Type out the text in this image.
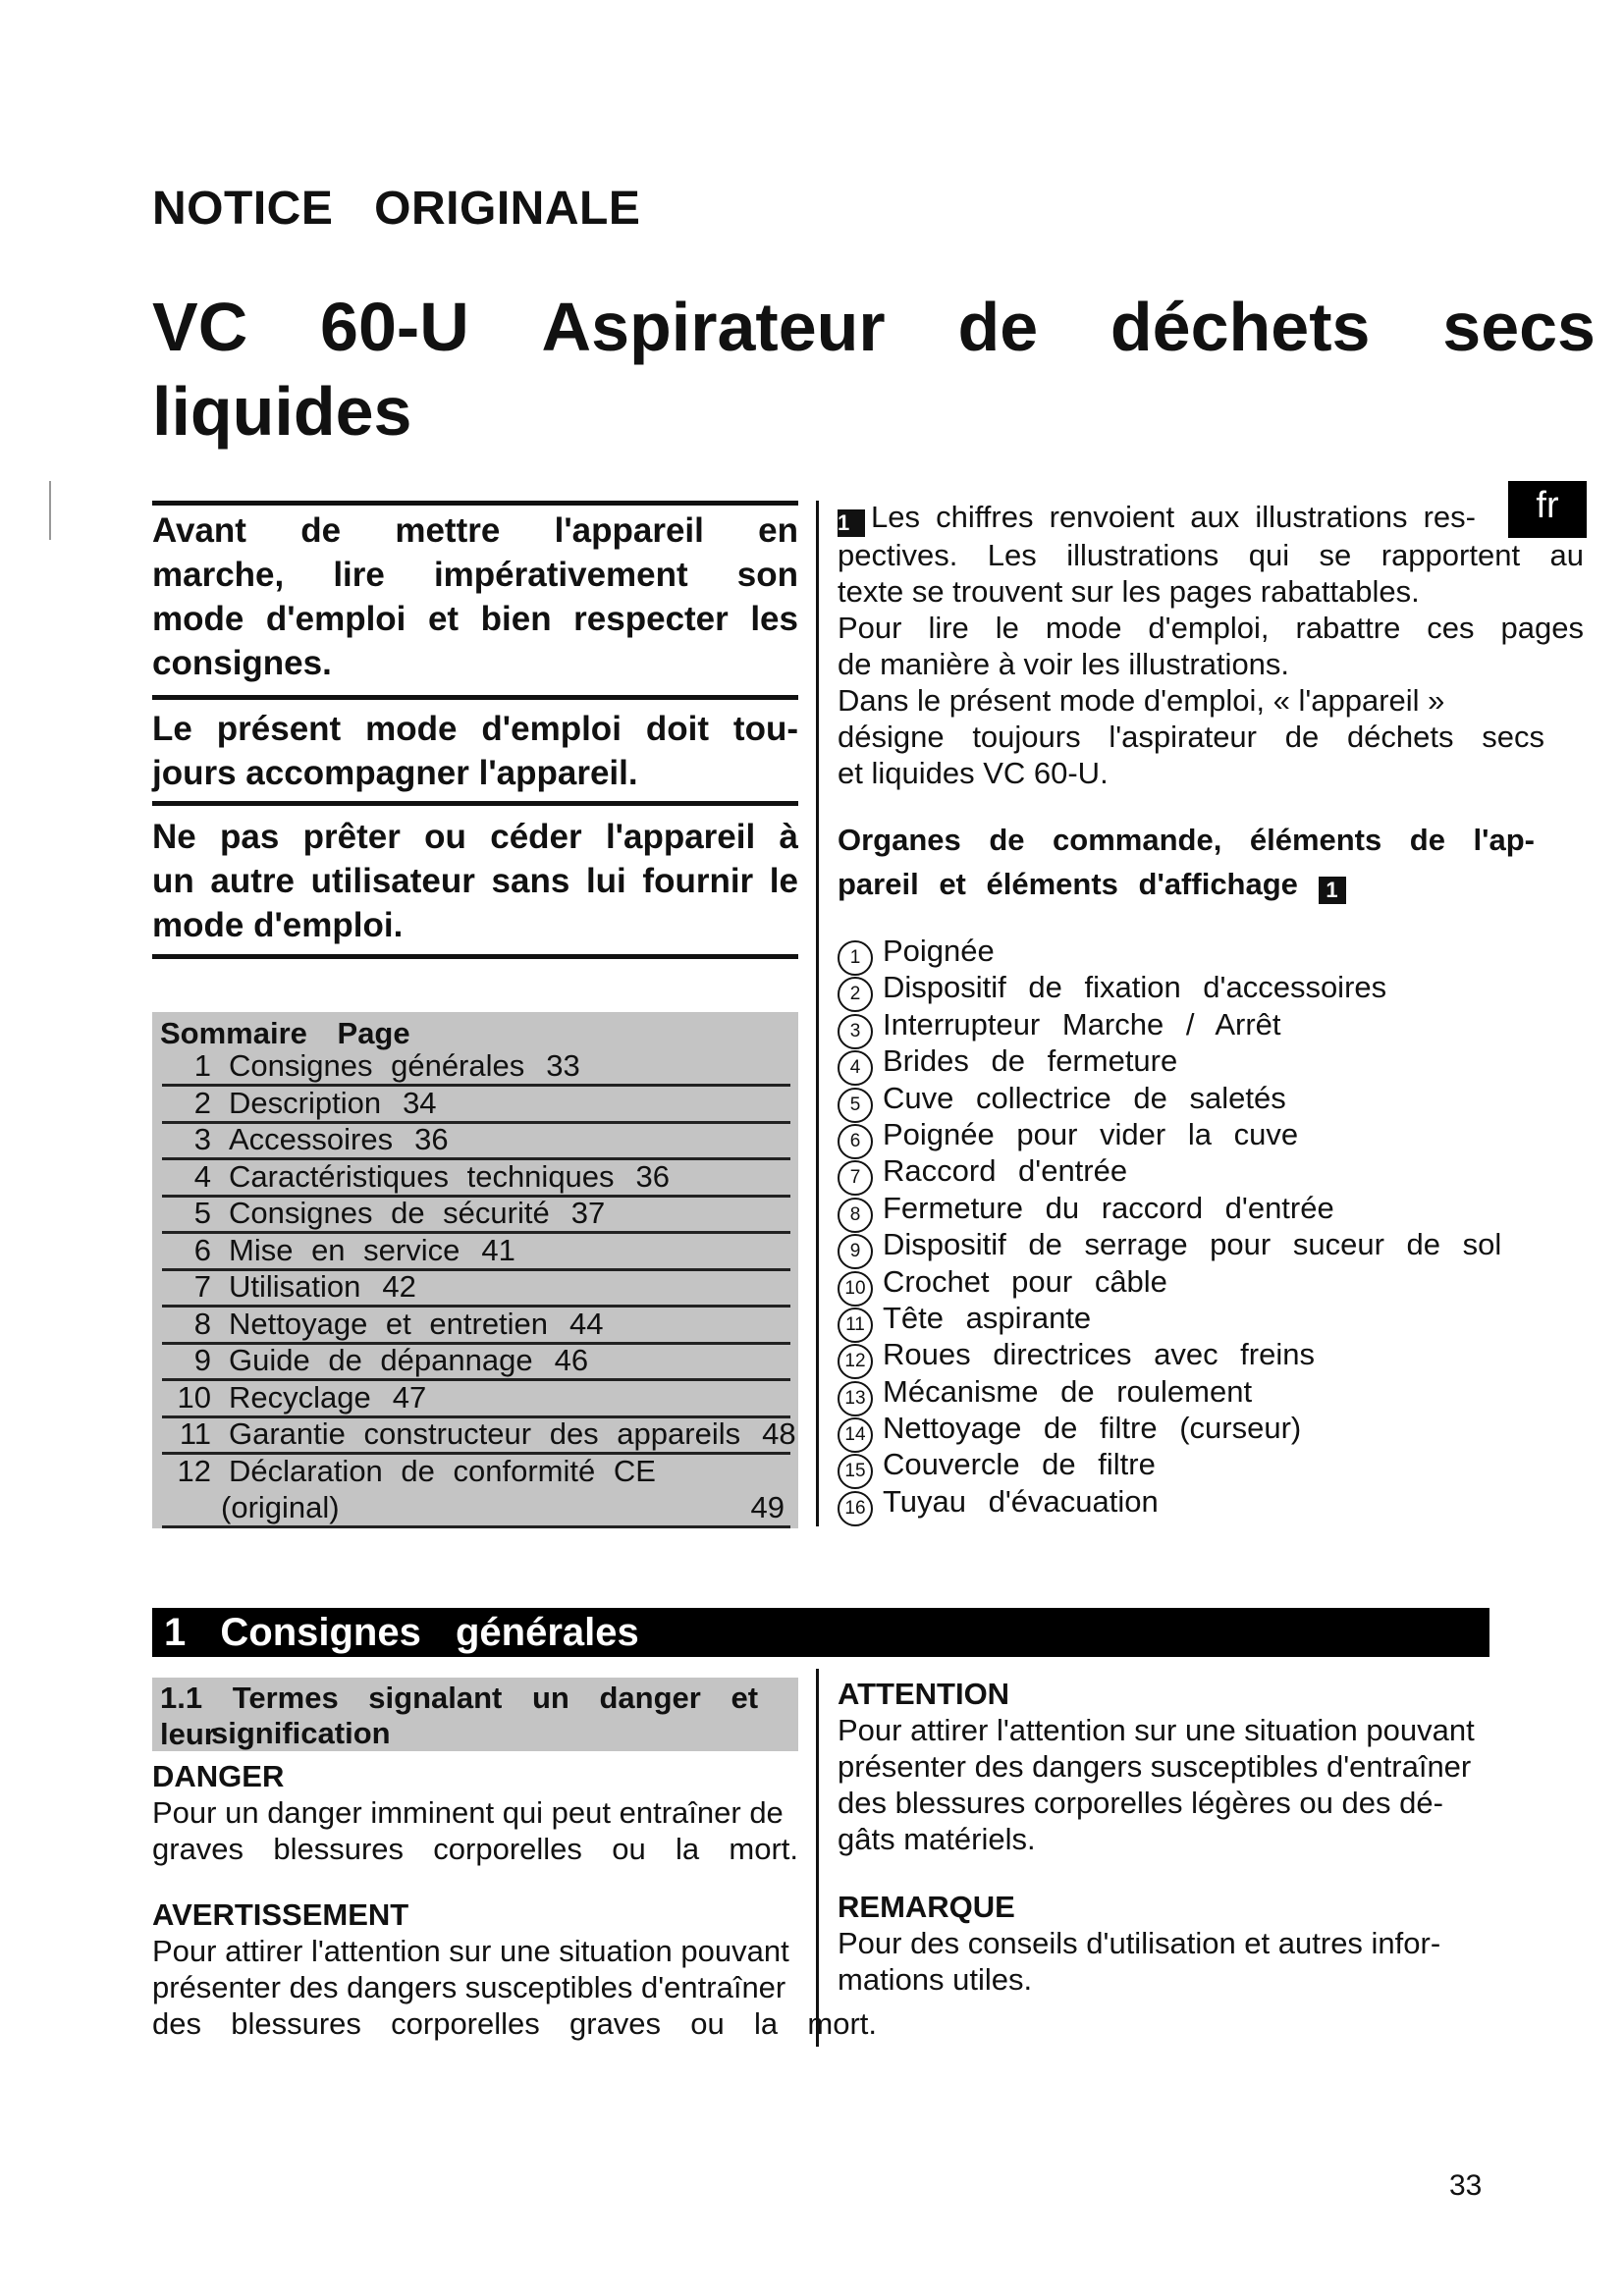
NOTICE ORIGINALE
VC 60-U Aspirateur de déchets secs
liquides
fr
Avant de mettre l'appareil en
marche, lire impérativement son
mode d'emploi et bien respecter les
consignes.
Le présent mode d'emploi doit tou-
jours accompagner l'appareil.
Ne pas prêter ou céder l'appareil à
un autre utilisateur sans lui fournir le
mode d'emploi.
Sommaire Page
1 Consignes générales 33
2 Description 34
3 Accessoires 36
4 Caractéristiques techniques 36
5 Consignes de sécurité 37
6 Mise en service 41
7 Utilisation 42
8 Nettoyage et entretien 44
9 Guide de dépannage 46
10 Recyclage 47
11 Garantie constructeur des appareils 48
12 Déclaration de conformité CE
(original)	49
1 Les chiffres renvoient aux illustrations res-
pectives. Les illustrations qui se rapportent au
texte se trouvent sur les pages rabattables.
Pour lire le mode d'emploi, rabattre ces pages
de manière à voir les illustrations.
Dans le présent mode d'emploi, « l'appareil »
désigne toujours l'aspirateur de déchets secs
et liquides VC 60-U.
Organes de commande, éléments de l'ap-
pareil et éléments d'affichage 1
1 Poignée
2 Dispositif de fixation d'accessoires
3 Interrupteur Marche / Arrêt
4 Brides de fermeture
5 Cuve collectrice de saletés
6 Poignée pour vider la cuve
7 Raccord d'entrée
8 Fermeture du raccord d'entrée
9 Dispositif de serrage pour suceur de sol
10 Crochet pour câble
11 Tête aspirante
12 Roues directrices avec freins
13 Mécanisme de roulement
14 Nettoyage de filtre (curseur)
15 Couvercle de filtre
16 Tuyau d'évacuation
1 Consignes générales
1.1 Termes signalant un danger et leur
signification
DANGER
Pour un danger imminent qui peut entraîner de
graves blessures corporelles ou la mort.
AVERTISSEMENT
Pour attirer l'attention sur une situation pouvant
présenter des dangers susceptibles d'entraîner
des blessures corporelles graves ou la mort.
ATTENTION
Pour attirer l'attention sur une situation pouvant
présenter des dangers susceptibles d'entraîner
des blessures corporelles légères ou des dé-
gâts matériels.
REMARQUE
Pour des conseils d'utilisation et autres infor-
mations utiles.
33
